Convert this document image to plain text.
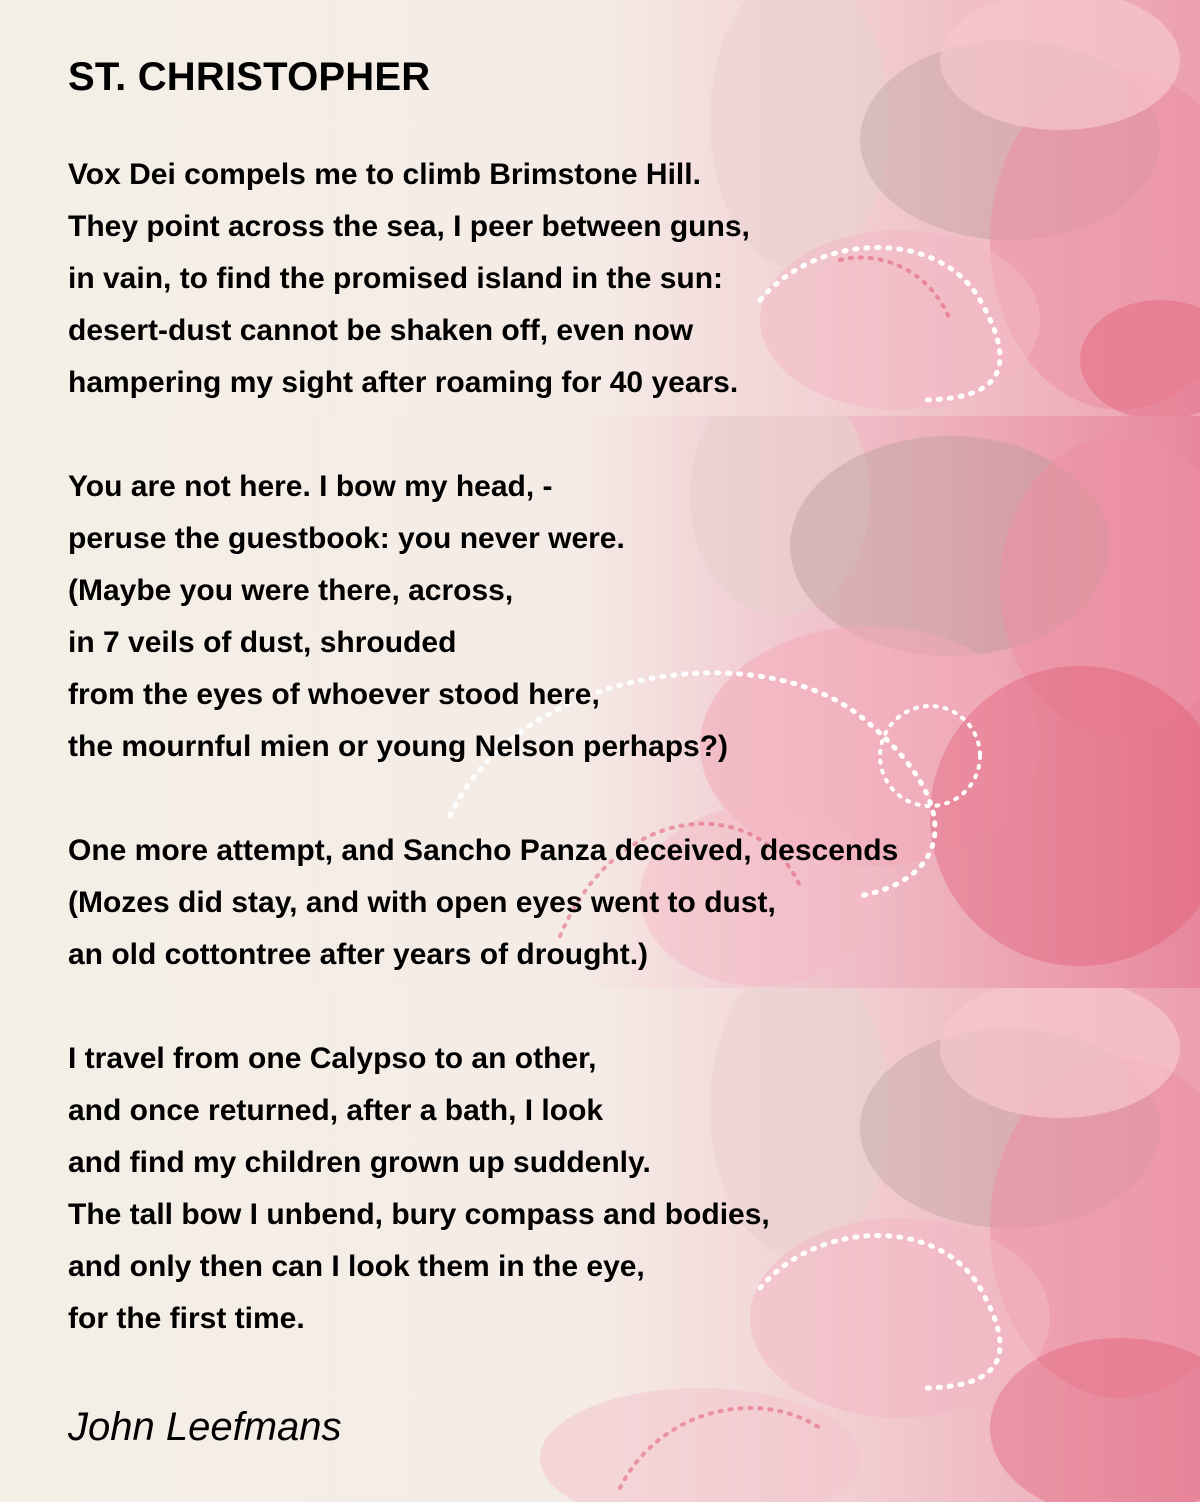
ST. CHRISTOPHER

Vox Dei compels me to climb Brimstone Hill.

They point across the sea, I peer between guns,

in vain, to find the promised island in the sun:

desert-dust cannot be shaken off, even now

hampering my sight after roaming for 40 years.

You are not here. I bow my head, -

peruse the guestbook: you never were.

(Maybe you were there, across,

in 7 veils of dust, shrouded

from the eyes of whoever stood here,

the mournful mien or young Nelson perhaps?)

One more attempt, and Sancho Panza deceived, descends

(Mozes did stay, and with open eyes went to dust,

an old cottontree after years of drought.)

I travel from one Calypso to an other,

and once returned, after a bath, I look

and find my children grown up suddenly.

The tall bow I unbend, bury compass and bodies,

and only then can I look them in the eye,

for the first time.

John Leefmans
